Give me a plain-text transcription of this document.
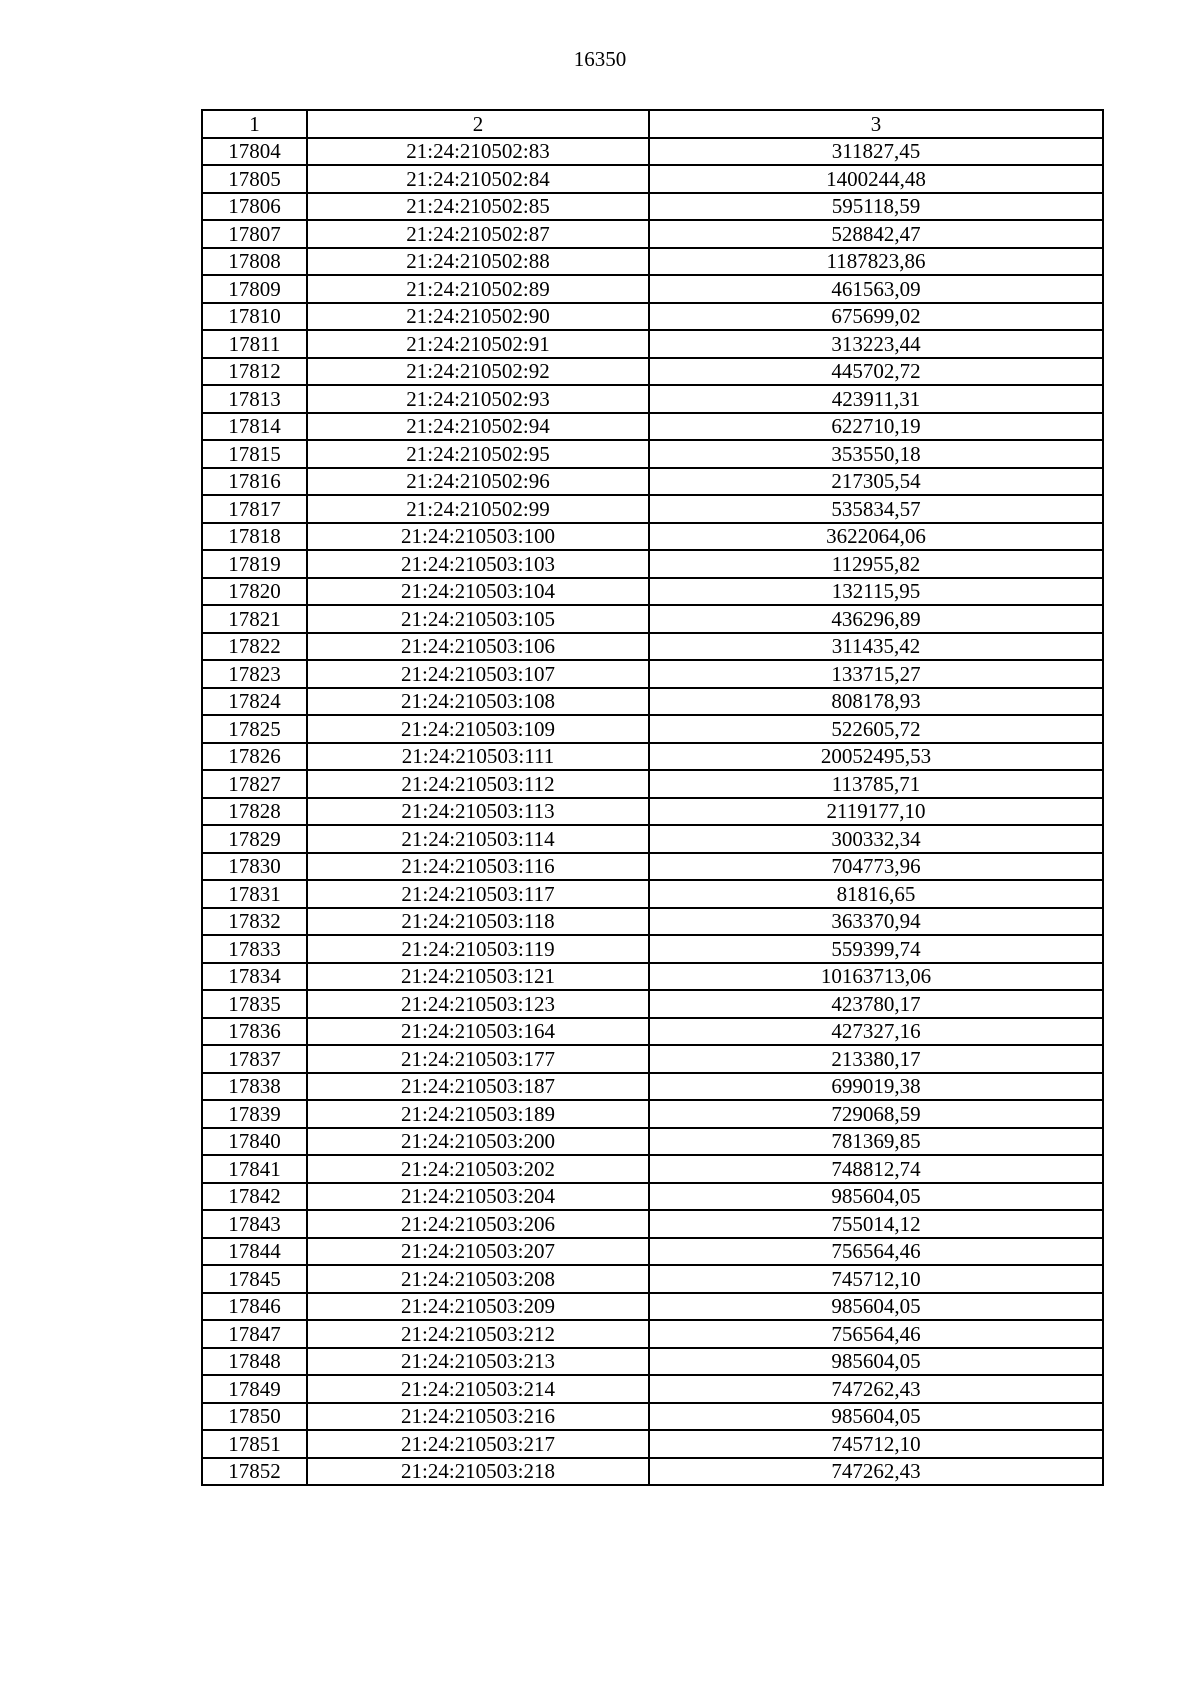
16350
1	2	3
17804	21:24:210502:83	311827,45
17805	21:24:210502:84	1400244,48
17806	21:24:210502:85	595118,59
17807	21:24:210502:87	528842,47
17808	21:24:210502:88	1187823,86
17809	21:24:210502:89	461563,09
17810	21:24:210502:90	675699,02
17811	21:24:210502:91	313223,44
17812	21:24:210502:92	445702,72
17813	21:24:210502:93	423911,31
17814	21:24:210502:94	622710,19
17815	21:24:210502:95	353550,18
17816	21:24:210502:96	217305,54
17817	21:24:210502:99	535834,57
17818	21:24:210503:100	3622064,06
17819	21:24:210503:103	112955,82
17820	21:24:210503:104	132115,95
17821	21:24:210503:105	436296,89
17822	21:24:210503:106	311435,42
17823	21:24:210503:107	133715,27
17824	21:24:210503:108	808178,93
17825	21:24:210503:109	522605,72
17826	21:24:210503:111	20052495,53
17827	21:24:210503:112	113785,71
17828	21:24:210503:113	2119177,10
17829	21:24:210503:114	300332,34
17830	21:24:210503:116	704773,96
17831	21:24:210503:117	81816,65
17832	21:24:210503:118	363370,94
17833	21:24:210503:119	559399,74
17834	21:24:210503:121	10163713,06
17835	21:24:210503:123	423780,17
17836	21:24:210503:164	427327,16
17837	21:24:210503:177	213380,17
17838	21:24:210503:187	699019,38
17839	21:24:210503:189	729068,59
17840	21:24:210503:200	781369,85
17841	21:24:210503:202	748812,74
17842	21:24:210503:204	985604,05
17843	21:24:210503:206	755014,12
17844	21:24:210503:207	756564,46
17845	21:24:210503:208	745712,10
17846	21:24:210503:209	985604,05
17847	21:24:210503:212	756564,46
17848	21:24:210503:213	985604,05
17849	21:24:210503:214	747262,43
17850	21:24:210503:216	985604,05
17851	21:24:210503:217	745712,10
17852	21:24:210503:218	747262,43
